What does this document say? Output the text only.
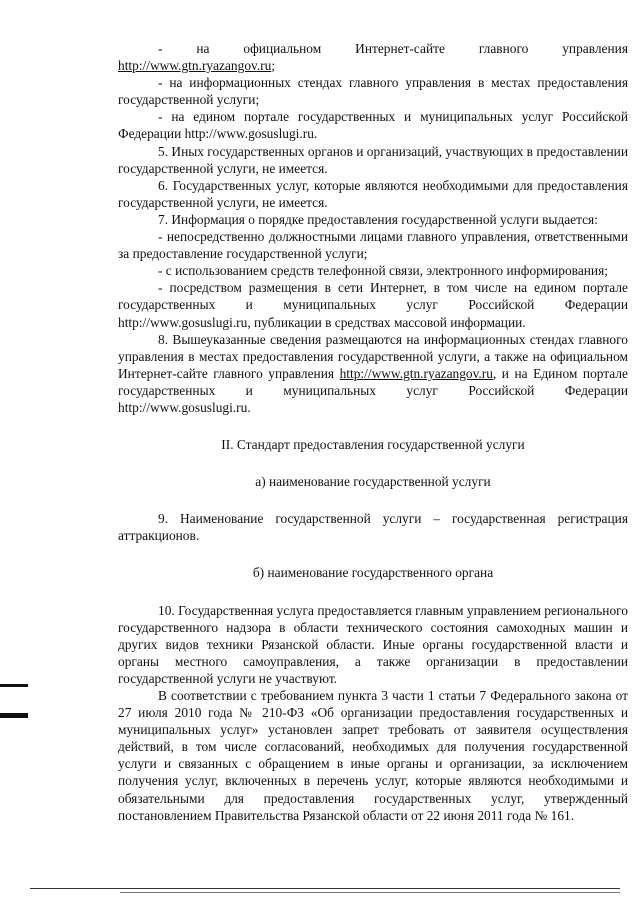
- на официальном Интернет-сайте главного управления

http://www.gtn.ryazangov.ru;

- на информационных стендах главного управления в местах предоставления государственной услуги;

- на едином портале государственных и муниципальных услуг Российской Федерации http://www.gosuslugi.ru.

5. Иных государственных органов и организаций, участвующих в предоставлении государственной услуги, не имеется.

6. Государственных услуг, которые являются необходимыми для предоставления государственной услуги, не имеется.

7. Информация о порядке предоставления государственной услуги выдается:

- непосредственно должностными лицами главного управления, ответственными за предоставление государственной услуги;

- с использованием средств телефонной связи, электронного информирования;

- посредством размещения в сети Интернет, в том числе на едином портале государственных и муниципальных услуг Российской Федерации http://www.gosuslugi.ru, публикации в средствах массовой информации.

8. Вышеуказанные сведения размещаются на информационных стендах главного управления в местах предоставления государственной услуги, а также на официальном Интернет-сайте главного управления http://www.gtn.ryazangov.ru, и на Едином портале государственных и муниципальных услуг Российской Федерации http://www.gosuslugi.ru.

II. Стандарт предоставления государственной услуги

а) наименование государственной услуги

9. Наименование государственной услуги – государственная регистрация аттракционов.

б) наименование государственного органа

10. Государственная услуга предоставляется главным управлением регионального государственного надзора в области технического состояния самоходных машин и других видов техники Рязанской области. Иные органы государственной власти и органы местного самоуправления, а также организации в предоставлении государственной услуги не участвуют.

В соответствии с требованием пункта 3 части 1 статьи 7 Федерального закона от 27 июля 2010 года № 210-ФЗ «Об организации предоставления государственных и муниципальных услуг» установлен запрет требовать от заявителя осуществления действий, в том числе согласований, необходимых для получения государственной услуги и связанных с обращением в иные органы и организации, за исключением получения услуг, включенных в перечень услуг, которые являются необходимыми и обязательными для предоставления государственных услуг, утвержденный постановлением Правительства Рязанской области от 22 июня 2011 года № 161.
